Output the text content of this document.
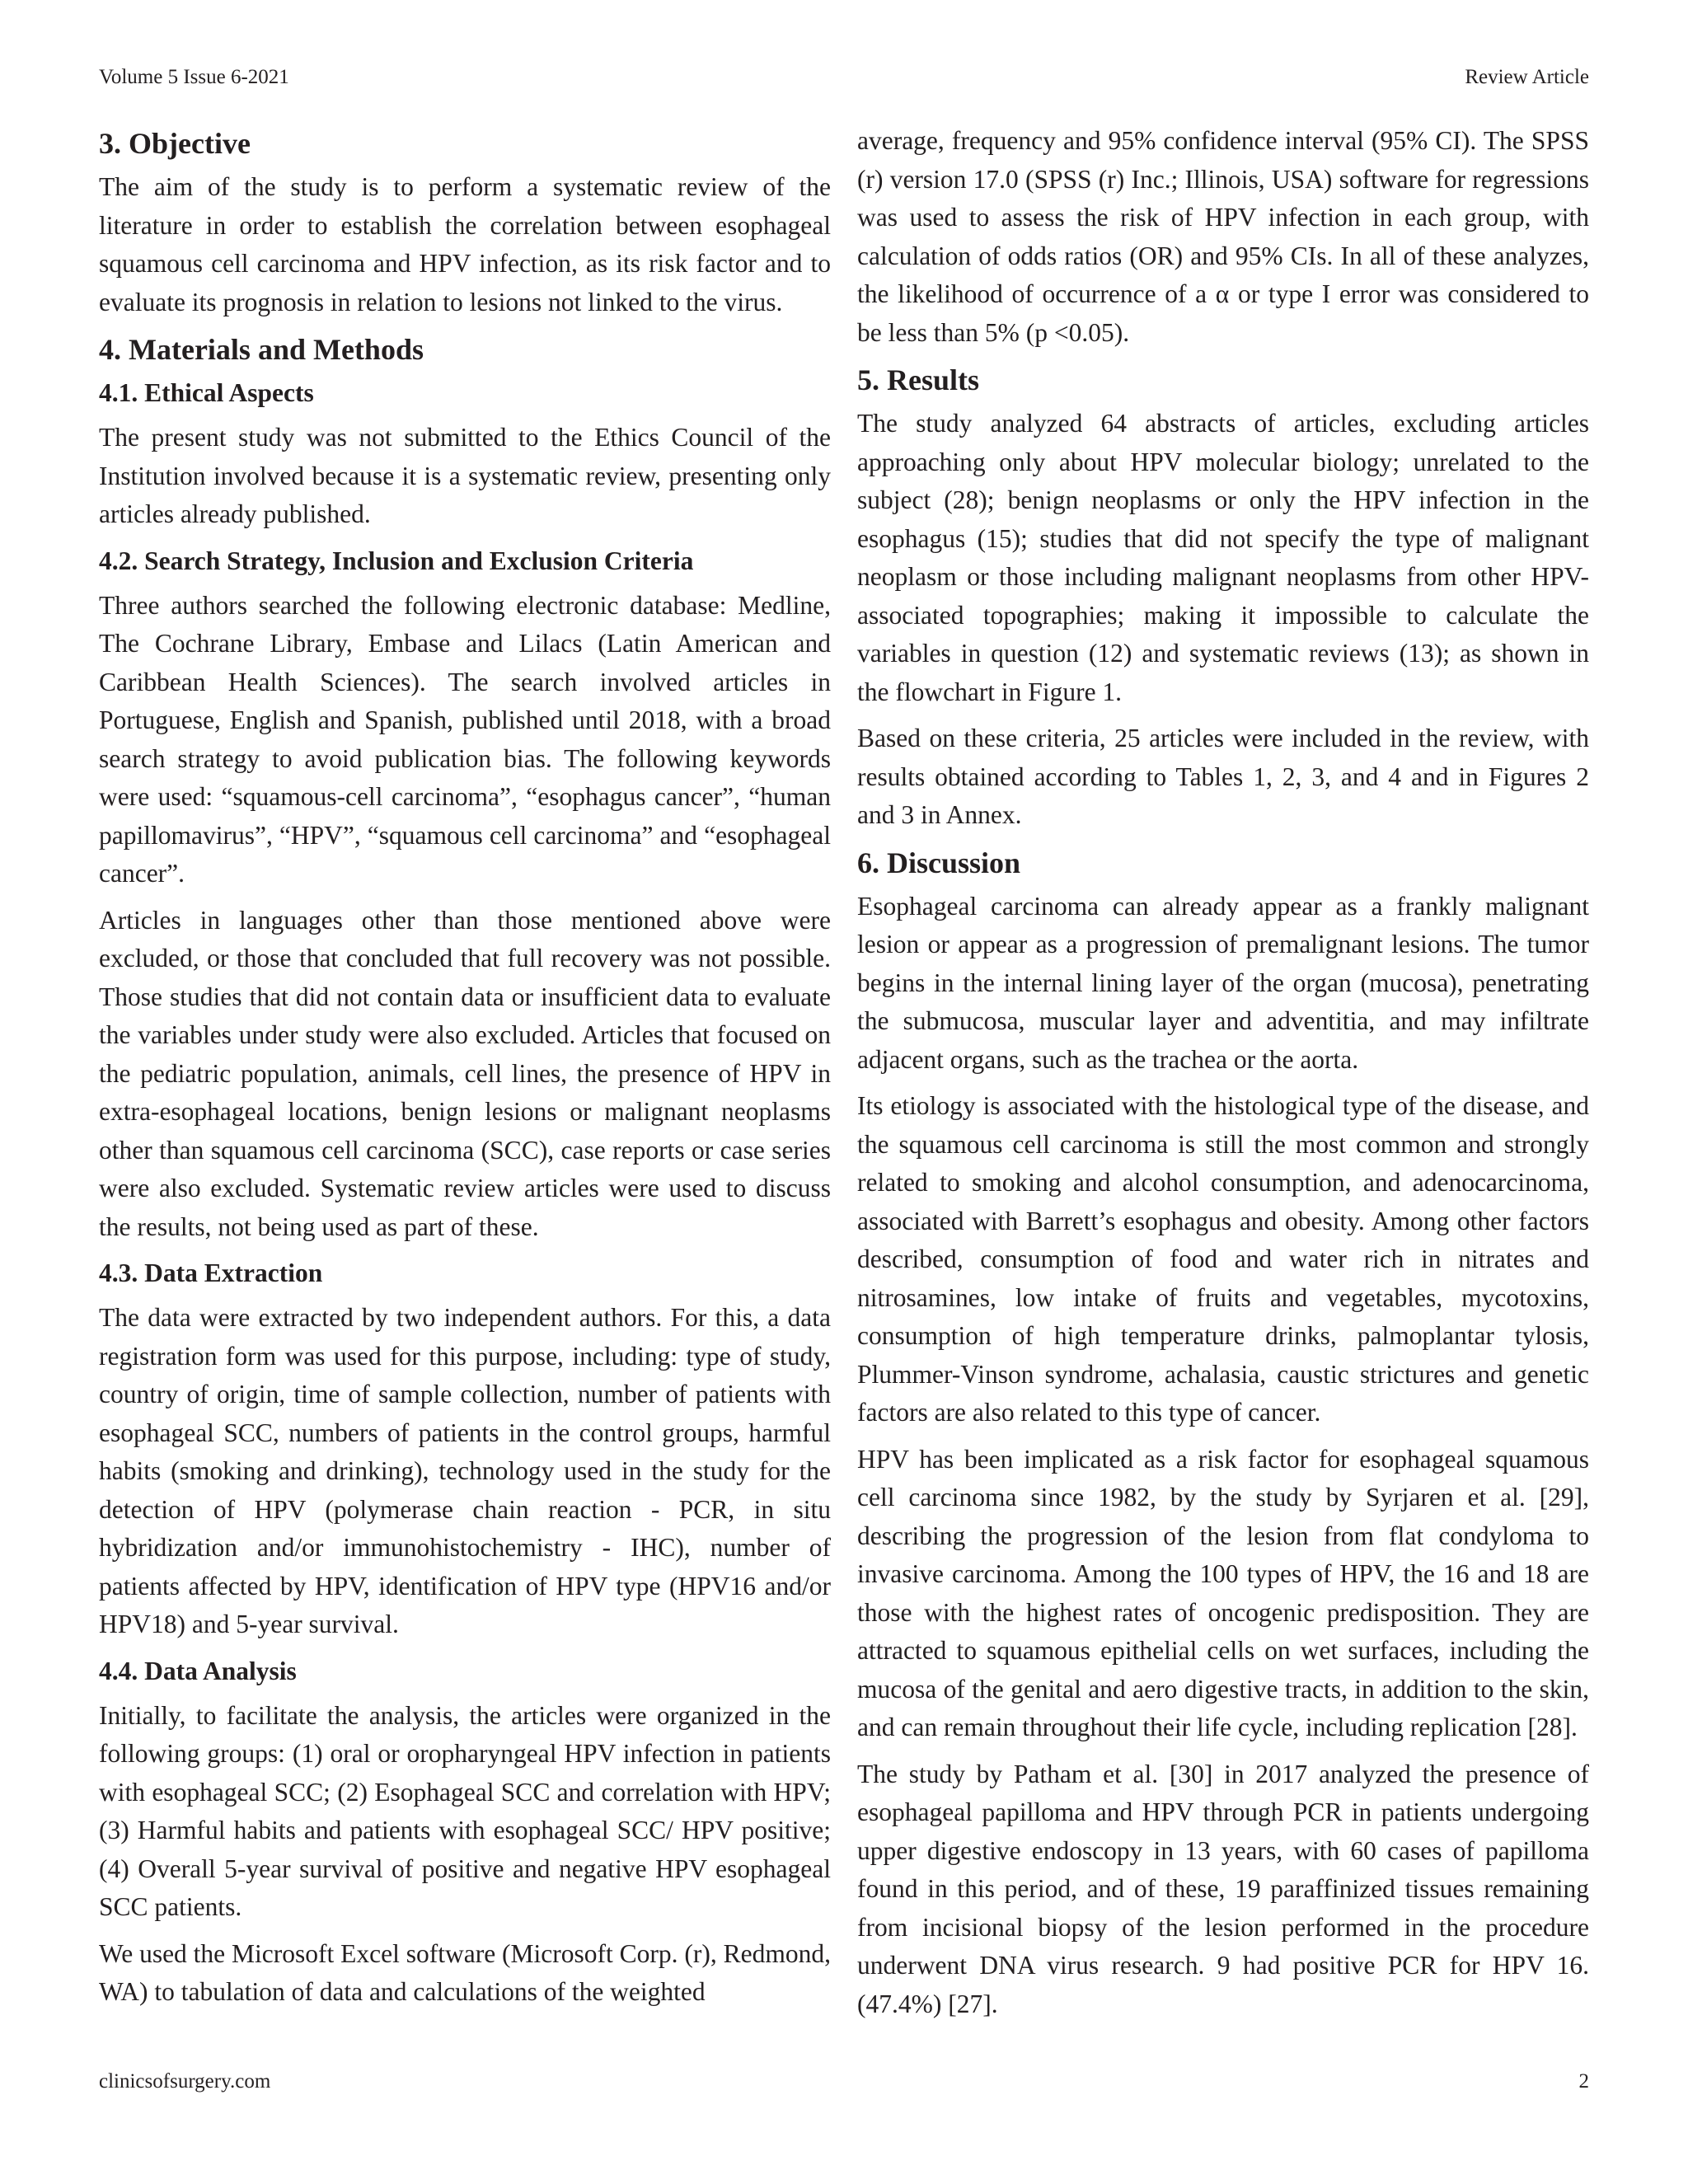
Volume 5 Issue 6-2021	Review Article
3. Objective

The aim of the study is to perform a systematic review of the literature in order to establish the correlation between esophageal squamous cell carcinoma and HPV infection, as its risk factor and to evaluate its prognosis in relation to lesions not linked to the virus.

4. Materials and Methods
4.1. Ethical Aspects

The present study was not submitted to the Ethics Council of the Institution involved because it is a systematic review, presenting only articles already published.

4.2. Search Strategy, Inclusion and Exclusion Criteria

Three authors searched the following electronic database: Medline, The Cochrane Library, Embase and Lilacs (Latin American and Caribbean Health Sciences). The search involved articles in Portuguese, English and Spanish, published until 2018, with a broad search strategy to avoid publication bias. The following keywords were used: “squamous-cell carcinoma”, “esophagus cancer”, “human papillomavirus”, “HPV”, “squamous cell carcinoma” and “esophageal cancer”.

Articles in languages other than those mentioned above were excluded, or those that concluded that full recovery was not possible. Those studies that did not contain data or insufficient data to evaluate the variables under study were also excluded. Articles that focused on the pediatric population, animals, cell lines, the presence of HPV in extra-esophageal locations, benign lesions or malignant neoplasms other than squamous cell carcinoma (SCC), case reports or case series were also excluded. Systematic review articles were used to discuss the results, not being used as part of these.

4.3. Data Extraction

The data were extracted by two independent authors. For this, a data registration form was used for this purpose, including: type of study, country of origin, time of sample collection, number of patients with esophageal SCC, numbers of patients in the control groups, harmful habits (smoking and drinking), technology used in the study for the detection of HPV (polymerase chain reaction - PCR, in situ hybridization and/or immunohistochemistry - IHC), number of patients affected by HPV, identification of HPV type (HPV16 and/or HPV18) and 5-year survival.

4.4. Data Analysis

Initially, to facilitate the analysis, the articles were organized in the following groups: (1) oral or oropharyngeal HPV infection in patients with esophageal SCC; (2) Esophageal SCC and correlation with HPV; (3) Harmful habits and patients with esophageal SCC/ HPV positive; (4) Overall 5-year survival of positive and negative HPV esophageal SCC patients.

We used the Microsoft Excel software (Microsoft Corp. (r), Redmond, WA) to tabulation of data and calculations of the weighted

average, frequency and 95% confidence interval (95% CI). The SPSS (r) version 17.0 (SPSS (r) Inc.; Illinois, USA) software for regressions was used to assess the risk of HPV infection in each group, with calculation of odds ratios (OR) and 95% CIs. In all of these analyzes, the likelihood of occurrence of a α or type I error was considered to be less than 5% (p <0.05).

5. Results

The study analyzed 64 abstracts of articles, excluding articles approaching only about HPV molecular biology; unrelated to the subject (28); benign neoplasms or only the HPV infection in the esophagus (15); studies that did not specify the type of malignant neoplasm or those including malignant neoplasms from other HPV-associated topographies; making it impossible to calculate the variables in question (12) and systematic reviews (13); as shown in the flowchart in Figure 1.

Based on these criteria, 25 articles were included in the review, with results obtained according to Tables 1, 2, 3, and 4 and in Figures 2 and 3 in Annex.

6. Discussion

Esophageal carcinoma can already appear as a frankly malignant lesion or appear as a progression of premalignant lesions. The tumor begins in the internal lining layer of the organ (mucosa), penetrating the submucosa, muscular layer and adventitia, and may infiltrate adjacent organs, such as the trachea or the aorta.

Its etiology is associated with the histological type of the disease, and the squamous cell carcinoma is still the most common and strongly related to smoking and alcohol consumption, and adenocarcinoma, associated with Barrett’s esophagus and obesity. Among other factors described, consumption of food and water rich in nitrates and nitrosamines, low intake of fruits and vegetables, mycotoxins, consumption of high temperature drinks, palmoplantar tylosis, Plummer-Vinson syndrome, achalasia, caustic strictures and genetic factors are also related to this type of cancer.

HPV has been implicated as a risk factor for esophageal squamous cell carcinoma since 1982, by the study by Syrjaren et al. [29], describing the progression of the lesion from flat condyloma to invasive carcinoma. Among the 100 types of HPV, the 16 and 18 are those with the highest rates of oncogenic predisposition. They are attracted to squamous epithelial cells on wet surfaces, including the mucosa of the genital and aero digestive tracts, in addition to the skin, and can remain throughout their life cycle, including replication [28].

The study by Patham et al. [30] in 2017 analyzed the presence of esophageal papilloma and HPV through PCR in patients undergoing upper digestive endoscopy in 13 years, with 60 cases of papilloma found in this period, and of these, 19 paraffinized tissues remaining from incisional biopsy of the lesion performed in the procedure underwent DNA virus research. 9 had positive PCR for HPV 16. (47.4%) [27].

clinicsofsurgery.com	2
